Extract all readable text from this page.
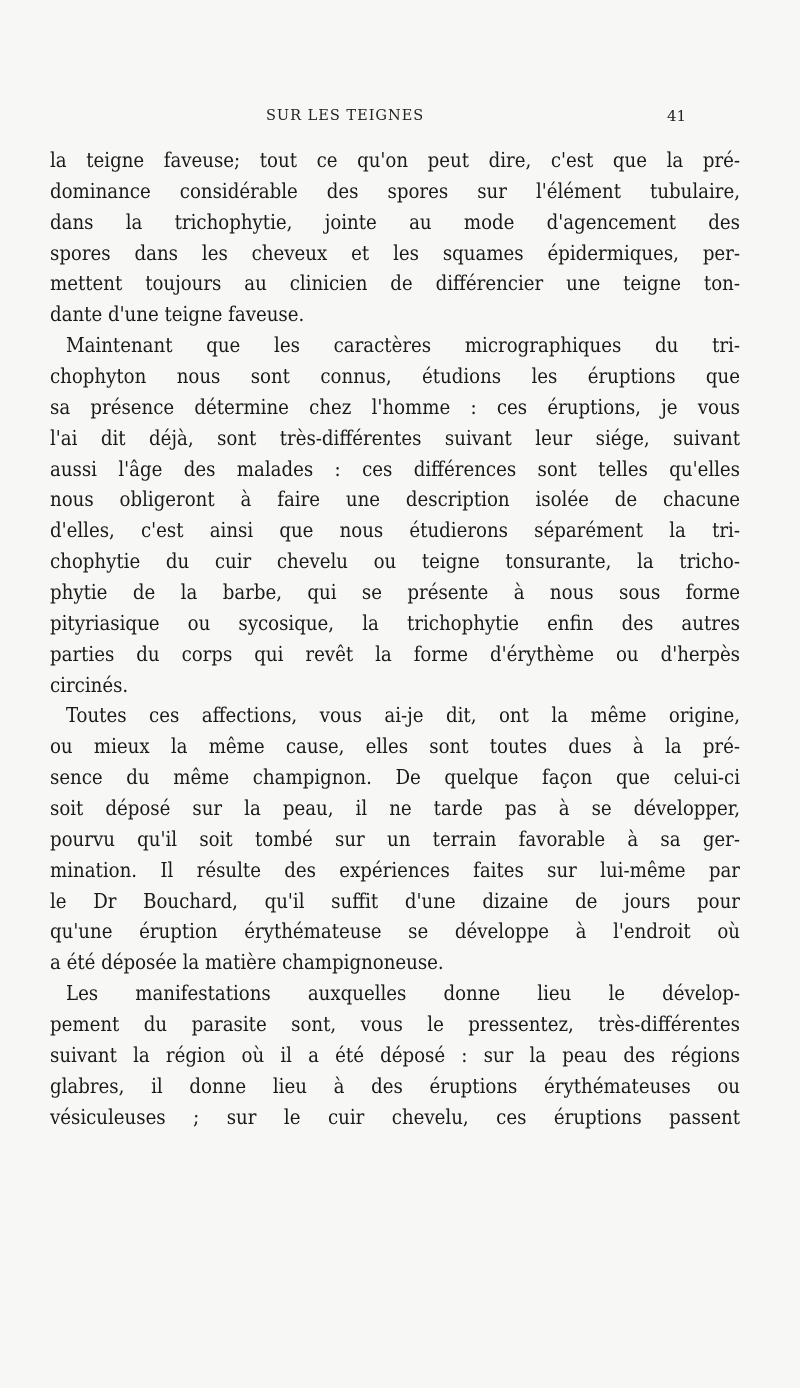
SUR LES TEIGNES	41
la teigne faveuse; tout ce qu'on peut dire, c'est que la pré-
dominance considérable des spores sur l'élément tubulaire,
dans la trichophytie, jointe au mode d'agencement des
spores dans les cheveux et les squames épidermiques, per-
mettent toujours au clinicien de différencier une teigne ton-
dante d'une teigne faveuse.
Maintenant que les caractères micrographiques du tri-
chophyton nous sont connus, étudions les éruptions que
sa présence détermine chez l'homme : ces éruptions, je vous
l'ai dit déjà, sont très-différentes suivant leur siége, suivant
aussi l'âge des malades : ces différences sont telles qu'elles
nous obligeront à faire une description isolée de chacune
d'elles, c'est ainsi que nous étudierons séparément la tri-
chophytie du cuir chevelu ou teigne tonsurante, la tricho-
phytie de la barbe, qui se présente à nous sous forme
pityriasique ou sycosique, la trichophytie enfin des autres
parties du corps qui revêt la forme d'érythème ou d'herpès
circinés.
Toutes ces affections, vous ai-je dit, ont la même origine,
ou mieux la même cause, elles sont toutes dues à la pré-
sence du même champignon. De quelque façon que celui-ci
soit déposé sur la peau, il ne tarde pas à se développer,
pourvu qu'il soit tombé sur un terrain favorable à sa ger-
mination. Il résulte des expériences faites sur lui-même par
le Dr Bouchard, qu'il suffit d'une dizaine de jours pour
qu'une éruption érythémateuse se développe à l'endroit où
a été déposée la matière champignoneuse.
Les manifestations auxquelles donne lieu le dévelop-
pement du parasite sont, vous le pressentez, très-différentes
suivant la région où il a été déposé : sur la peau des régions
glabres, il donne lieu à des éruptions érythémateuses ou
vésiculeuses ; sur le cuir chevelu, ces éruptions passent
